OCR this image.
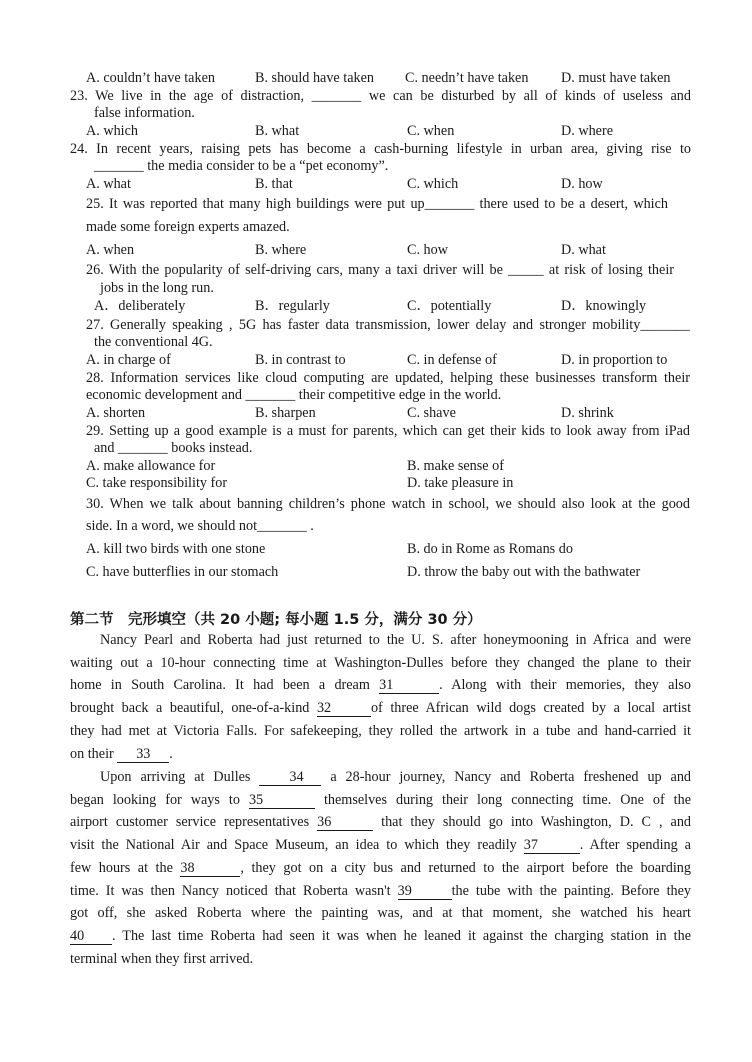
A. couldn’t have taken	B. should have taken C. needn’t have taken D. must have taken
23. We live in the age of distraction, _______ we can be disturbed by all of kinds of useless and
false information.
A. which	B. what	C. when	D. where
24. In recent years, raising pets has become a cash-burning lifestyle in urban area, giving rise to
_______ the media consider to be a “pet economy”.
A. what	B. that	C. which	D. how
25. It was reported that many high buildings were put up_______ there used to be a desert, which
made some foreign experts amazed.
A. when	B. where	C. how	D. what
26. With the popularity of self-driving cars, many a taxi driver will be _____ at risk of losing their
jobs in the long run.
A．deliberately	B．regularly	C．potentially	D．knowingly
27. Generally speaking , 5G has faster data transmission, lower delay and stronger mobility_______
the conventional 4G.
A. in charge of	B. in contrast to	C. in defense of	D. in proportion to
28. Information services like cloud computing are updated, helping these businesses transform their
economic development and _______ their competitive edge in the world.
A. shorten	B. sharpen	C. shave	D. shrink
29. Setting up a good example is a must for parents, which can get their kids to look away from iPad
and _______ books instead.
A. make allowance for	B. make sense of
C. take responsibility for	D. take pleasure in
30. When we talk about banning children’s phone watch in school, we should also look at the good
side. In a word, we should not_______ .
A. kill two birds with one stone	B. do in Rome as Romans do
C. have butterflies in our stomach	D. throw the baby out with the bathwater
第二节　完形填空（共 20 小题; 每小题 1.5 分，满分 30 分）
Nancy Pearl and Roberta had just returned to the U. S. after honeymooning in Africa and were
waiting out a 10-hour connecting time at Washington-Dulles before they changed the plane to their
home in South Carolina. It had been a dream 31	. Along with their memories, they also
brought back a beautiful, one-of-a-kind 32	of three African wild dogs created by a local artist
they had met at Victoria Falls. For safekeeping, they rolled the artwork in a tube and hand-carried it
on their 33 .
Upon arriving at Dulles	34 a 28-hour journey, Nancy and Roberta freshened up and
began looking for ways to 35	themselves during their long connecting time. One of the
airport customer service representatives 36	that they should go into Washington, D. C , and
visit the National Air and Space Museum, an idea to which they readily 37	. After spending a
few hours at the 38	, they got on a city bus and returned to the airport before the boarding
time. It was then Nancy noticed that Roberta wasn't 39	the tube with the painting. Before they
got off, she asked Roberta where the painting was, and at that moment, she watched his heart
40 . The last time Roberta had seen it was when he leaned it against the charging station in the
terminal when they first arrived.
